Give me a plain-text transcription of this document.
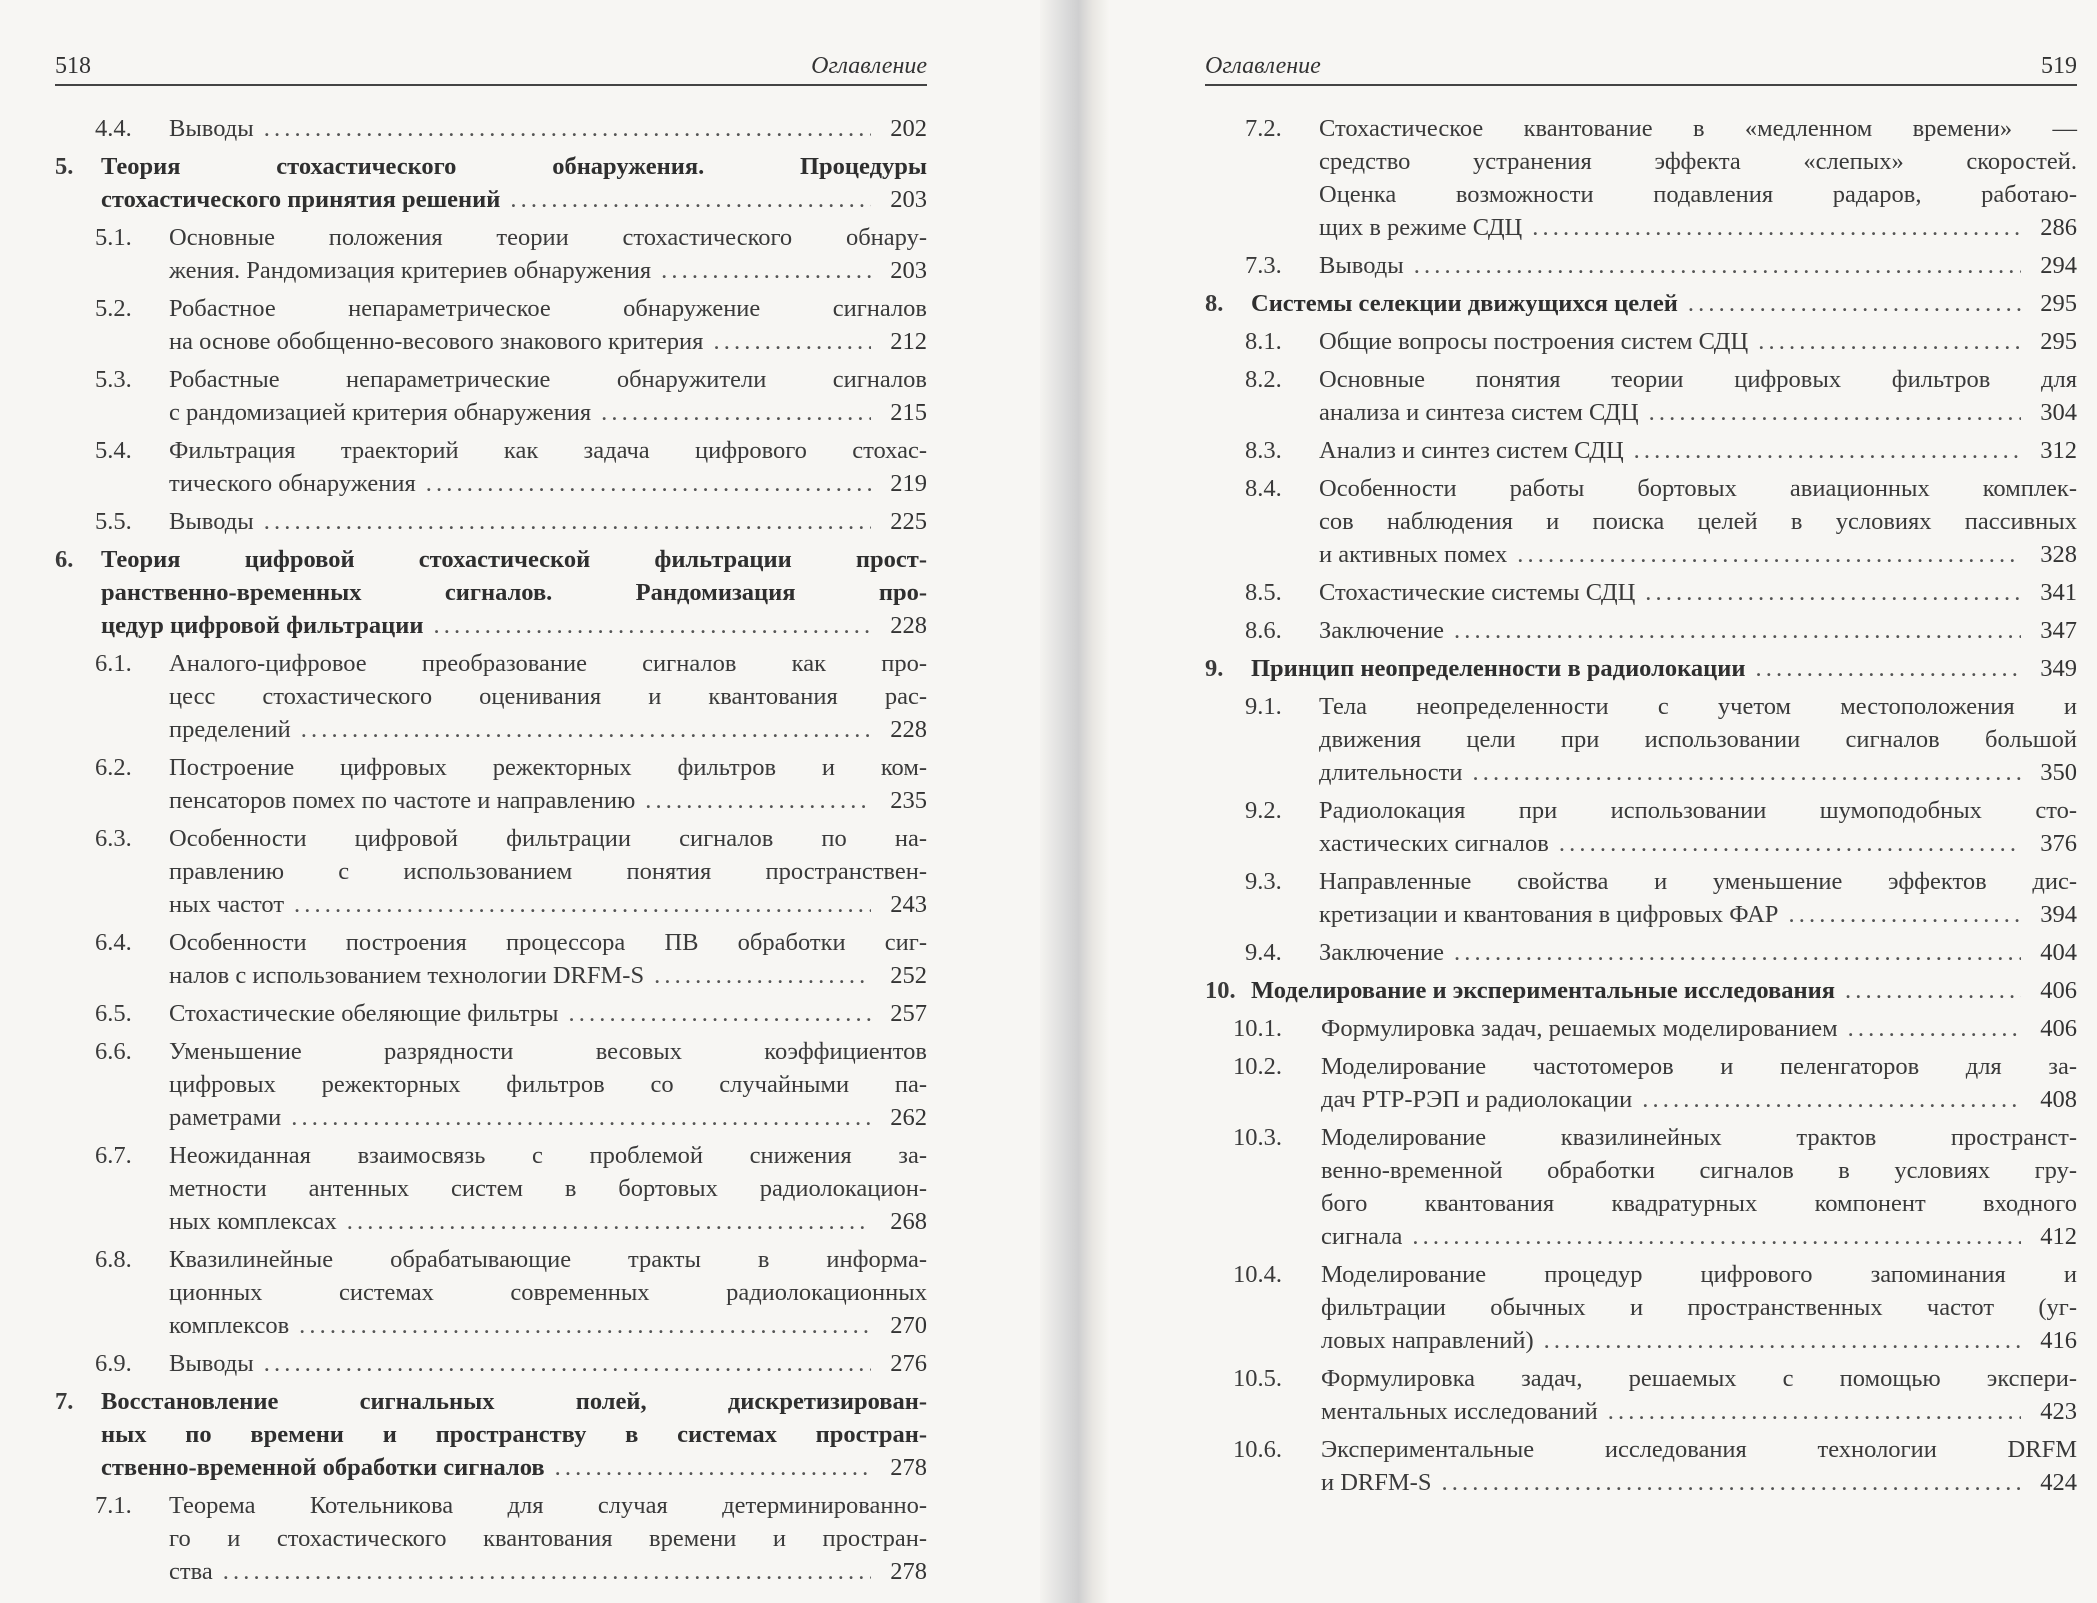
518	Оглавление
4.4. Выводы . . .	202
5. Теория стохастического обнаружения. Процедуры
стохастического принятия решений . . .	203
5.1. Основные положения теории стохастического обнару-
жения. Рандомизация критериев обнаружения . . .	203
5.2. Робастное непараметрическое обнаружение сигналов
на основе обобщенно-весового знакового критерия . . .	212
5.3. Робастные непараметрические обнаружители сигналов
с рандомизацией критерия обнаружения . . .	215
5.4. Фильтрация траекторий как задача цифрового стохас-
тического обнаружения . . .	219
5.5. Выводы . . .	225
6. Теория цифровой стохастической фильтрации прост-
ранственно-временных сигналов. Рандомизация про-
цедур цифровой фильтрации . . .	228
6.1. Аналого-цифровое преобразование сигналов как про-
цесс стохастического оценивания и квантования рас-
пределений . . .	228
6.2. Построение цифровых режекторных фильтров и ком-
пенсаторов помех по частоте и направлению . . .	235
6.3. Особенности цифровой фильтрации сигналов по на-
правлению с использованием понятия пространствен-
ных частот . . .	243
6.4. Особенности построения процессора ПВ обработки сиг-
налов с использованием технологии DRFM-S . . .	252
6.5. Стохастические обеляющие фильтры . . .	257
6.6. Уменьшение разрядности весовых коэффициентов
цифровых режекторных фильтров со случайными па-
раметрами . . .	262
6.7. Неожиданная взаимосвязь с проблемой снижения за-
метности антенных систем в бортовых радиолокацион-
ных комплексах . . .	268
6.8. Квазилинейные обрабатывающие тракты в информа-
ционных системах современных радиолокационных
комплексов . . .	270
6.9. Выводы . . .	276
7. Восстановление сигнальных полей, дискретизирован-
ных по времени и пространству в системах простран-
ственно-временной обработки сигналов . . .	278
7.1. Теорема Котельникова для случая детерминированно-
го и стохастического квантования времени и простран-
ства . . .	278
Оглавление	519
7.2. Стохастическое квантование в «медленном времени» —
средство устранения эффекта «слепых» скоростей.
Оценка возможности подавления радаров, работаю-
щих в режиме СДЦ . . .	286
7.3. Выводы . . .	294
8. Системы селекции движущихся целей . . .	295
8.1. Общие вопросы построения систем СДЦ . . .	295
8.2. Основные понятия теории цифровых фильтров для
анализа и синтеза систем СДЦ . . .	304
8.3. Анализ и синтез систем СДЦ . . .	312
8.4. Особенности работы бортовых авиационных комплек-
сов наблюдения и поиска целей в условиях пассивных
и активных помех . . .	328
8.5. Стохастические системы СДЦ . . .	341
8.6. Заключение . . .	347
9. Принцип неопределенности в радиолокации . . .	349
9.1. Тела неопределенности с учетом местоположения и
движения цели при использовании сигналов большой
длительности . . .	350
9.2. Радиолокация при использовании шумоподобных сто-
хастических сигналов . . .	376
9.3. Направленные свойства и уменьшение эффектов дис-
кретизации и квантования в цифровых ФАР . . .	394
9.4. Заключение . . .	404
10. Моделирование и экспериментальные исследования . . .	406
10.1. Формулировка задач, решаемых моделированием . . .	406
10.2. Моделирование частотомеров и пеленгаторов для за-
дач РТР-РЭП и радиолокации . . .	408
10.3. Моделирование квазилинейных трактов пространст-
венно-временной обработки сигналов в условиях гру-
бого квантования квадратурных компонент входного
сигнала . . .	412
10.4. Моделирование процедур цифрового запоминания и
фильтрации обычных и пространственных частот (уг-
ловых направлений) . . .	416
10.5. Формулировка задач, решаемых с помощью экспери-
ментальных исследований . . .	423
10.6. Экспериментальные исследования технологии DRFM
и DRFM-S . . .	424
